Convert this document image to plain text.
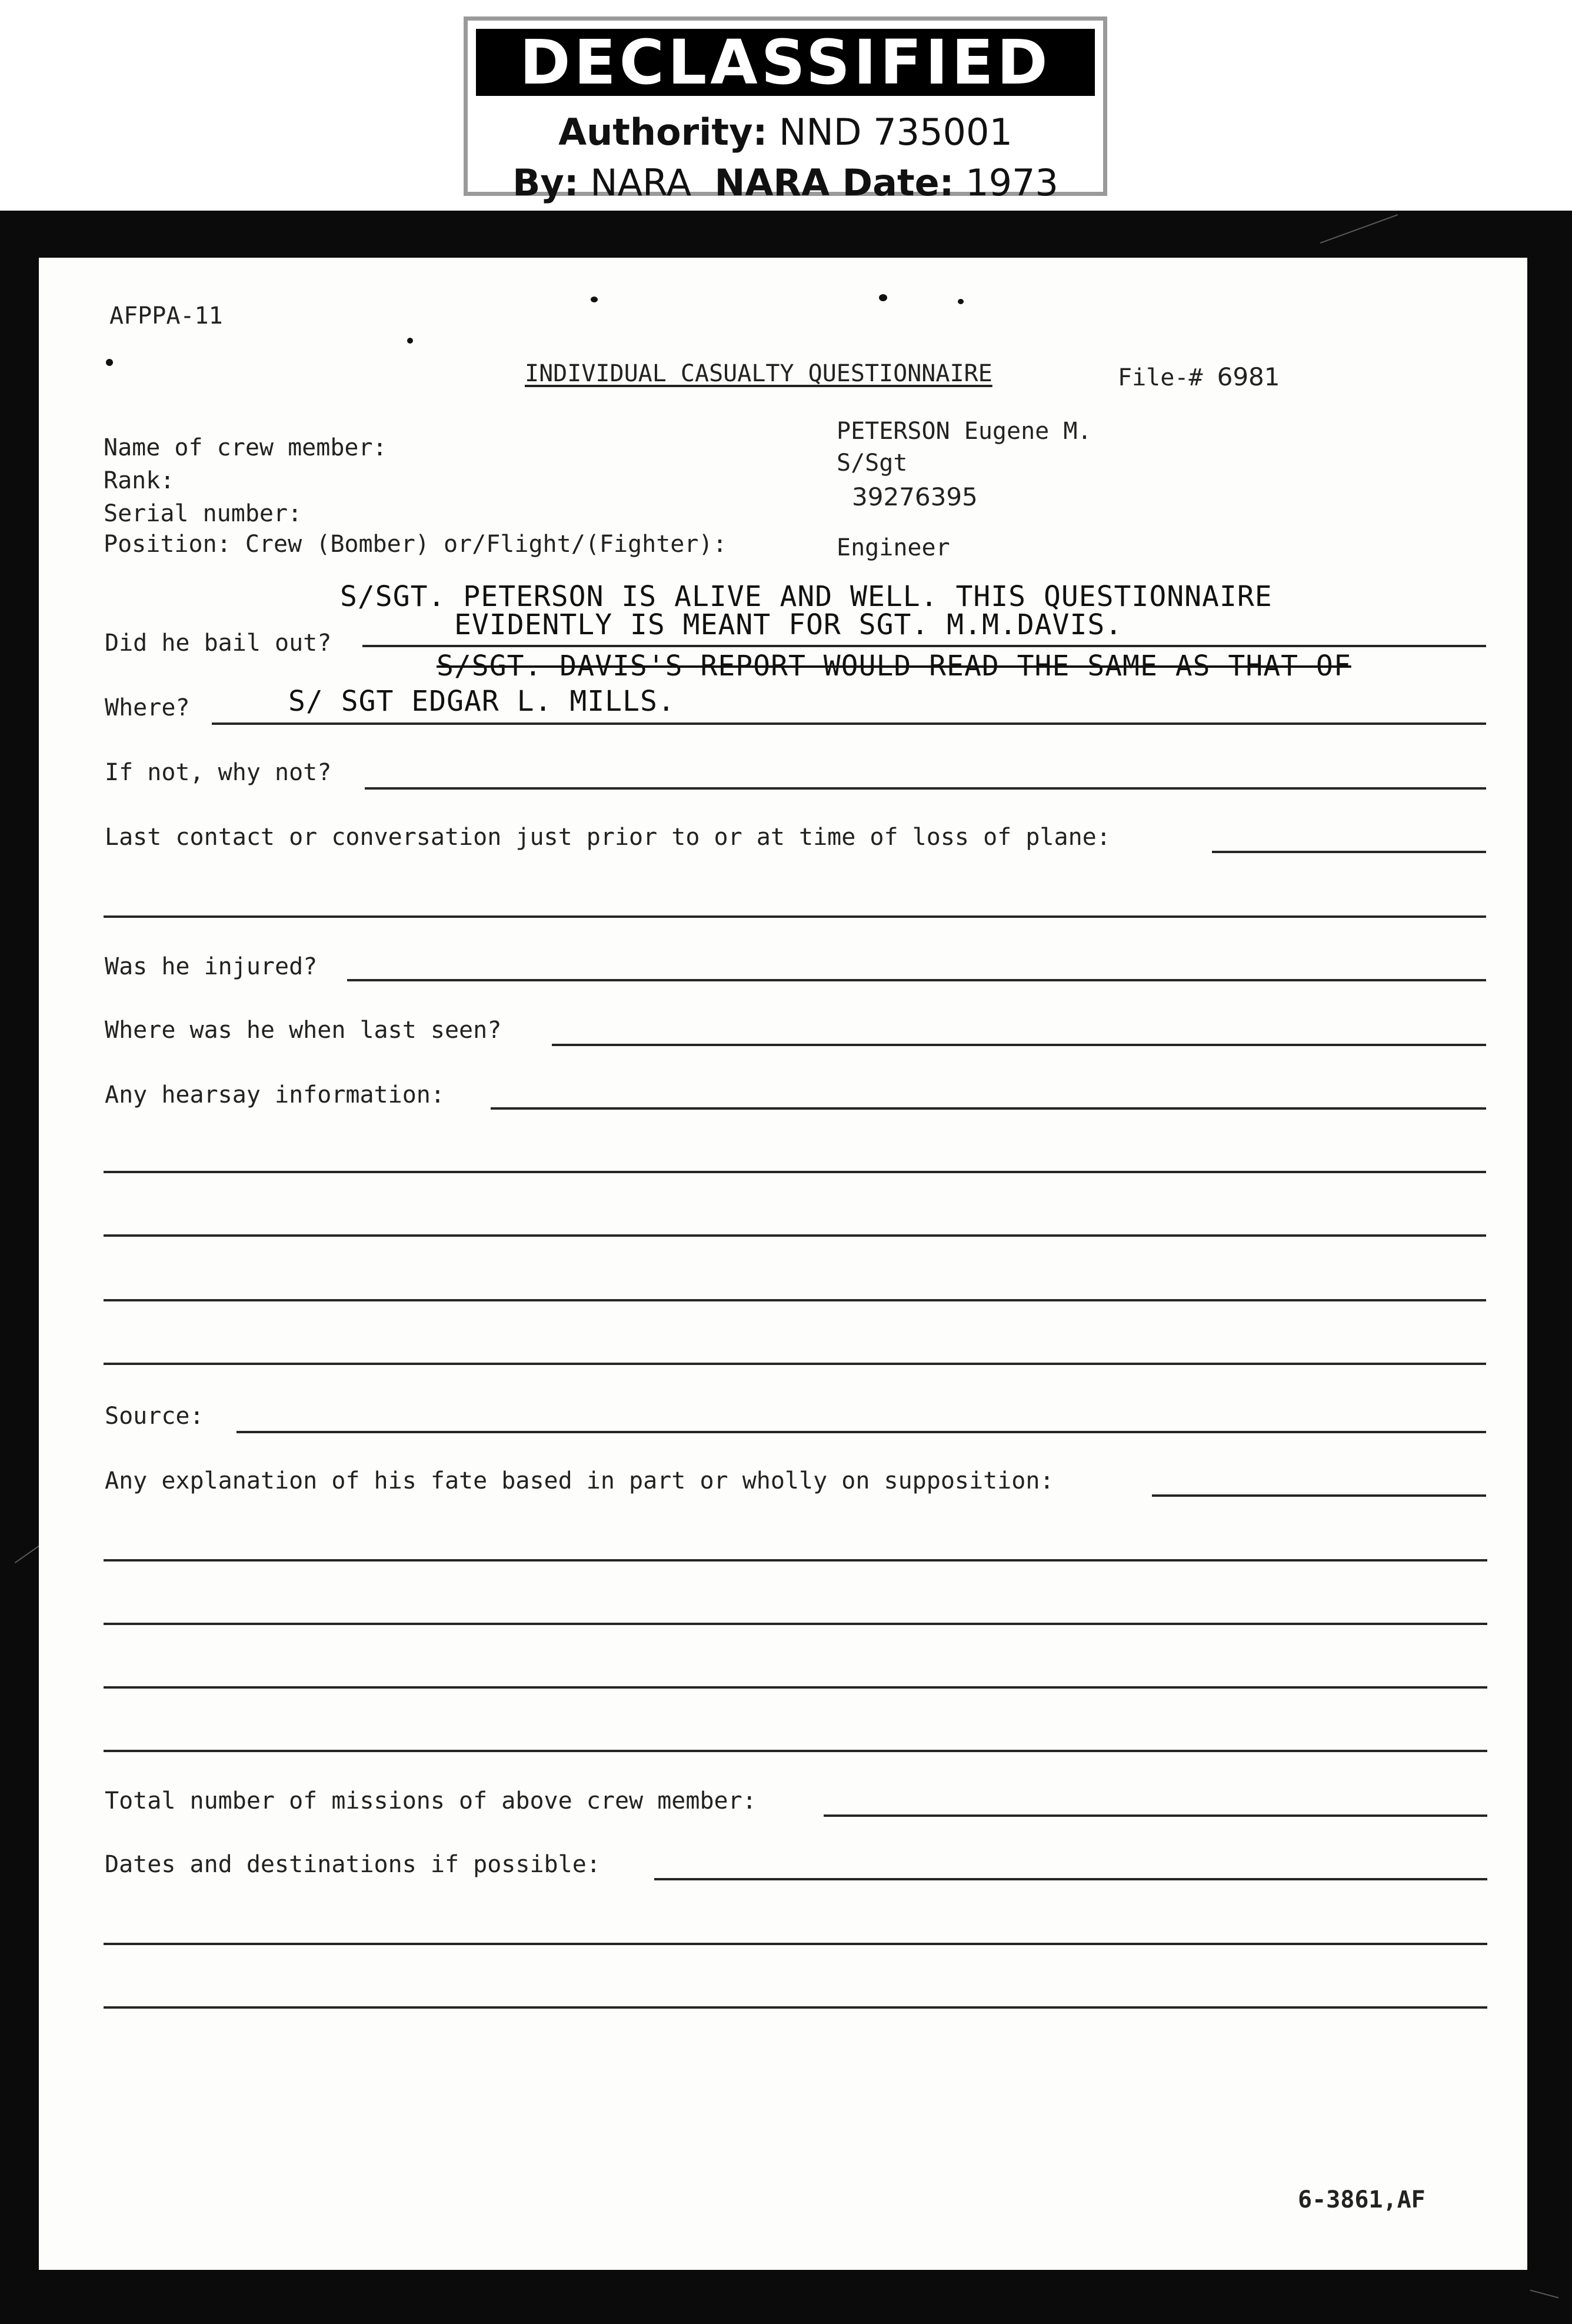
DECLASSIFIED
Authority: NND 735001
By: NARA NARA Date: 1973
AFPPA-11
INDIVIDUAL CASUALTY QUESTIONNAIRE	File-# 6981
Name of crew member:
Rank:
Serial number:
Position: Crew (Bomber) or/Flight/(Fighter):
PETERSON Eugene M.
S/Sgt
39276395
Engineer
S/SGT. PETERSON IS ALIVE AND WELL. THIS QUESTIONNAIRE
EVIDENTLY IS MEANT FOR SGT. M.M.DAVIS.
S/SGT. DAVIS'S REPORT WOULD READ THE SAME AS THAT OF
S/ SGT EDGAR L. MILLS.
Did he bail out?
Where?
If not, why not?
Last contact or conversation just prior to or at time of loss of plane:
Was he injured?
Where was he when last seen?
Any hearsay information:
Source:
Any explanation of his fate based in part or wholly on supposition:
Total number of missions of above crew member:
Dates and destinations if possible:
6-3861,AF
